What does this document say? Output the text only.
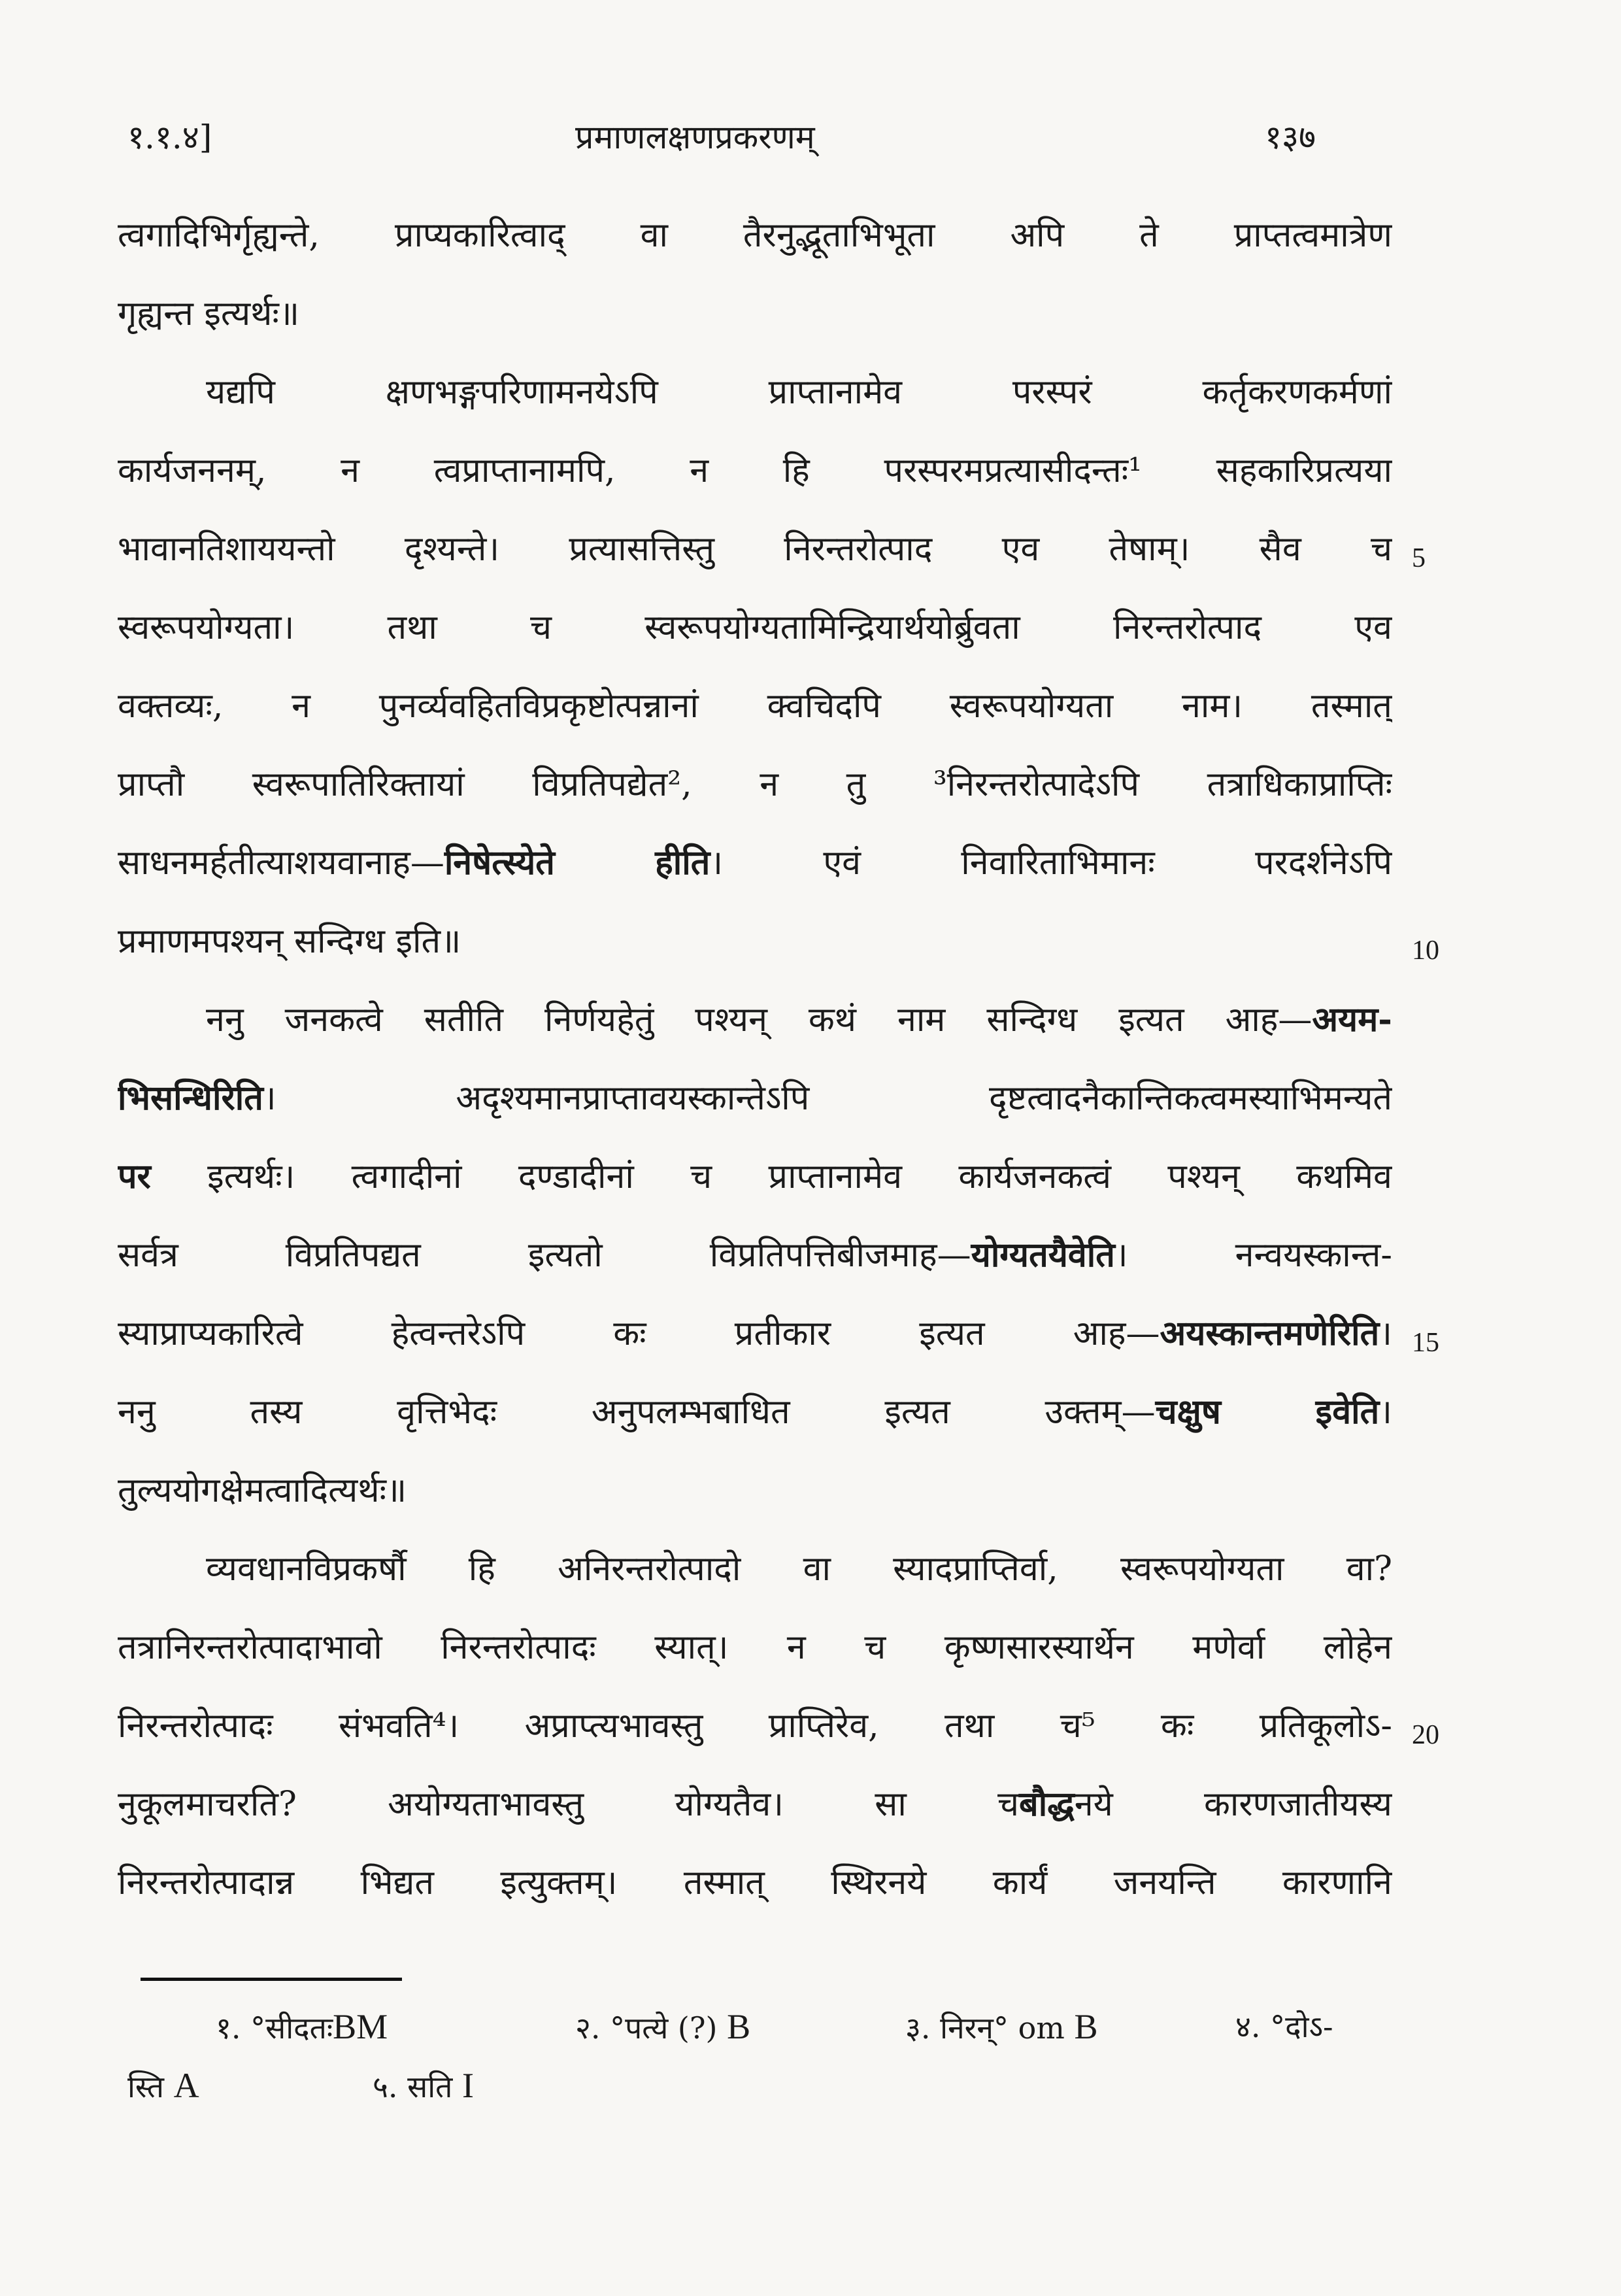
१.१.४]	प्रमाणलक्षणप्रकरणम्	१३७
त्वगादिभिर्गृह्यन्ते, प्राप्यकारित्वाद् वा तैरनुद्भूताभिभूता अपि ते प्राप्तत्वमात्रेण
गृह्यन्त इत्यर्थः॥
यद्यपि	क्षणभङ्गपरिणामनयेऽपि	प्राप्तानामेव	परस्परं	कर्तृकरणकर्मणां
कार्यजननम्, न त्वप्राप्तानामपि, न हि परस्परमप्रत्यासीदन्तः¹ सहकारिप्रत्यया
भावानतिशाययन्तो दृश्यन्ते। प्रत्यासत्तिस्तु निरन्तरोत्पाद एव तेषाम्। सैव च
स्वरूपयोग्यता।	तथा	च	स्वरूपयोग्यतामिन्द्रियार्थयोर्ब्रुवता	निरन्तरोत्पाद	एव
वक्तव्यः, न पुनर्व्यवहितविप्रकृष्टोत्पन्नानां क्वचिदपि स्वरूपयोग्यता नाम। तस्मात्
प्राप्तौ स्वरूपातिरिक्तायां विप्रतिपद्येत², न तु ³निरन्तरोत्पादेऽपि तत्राधिकाप्राप्तिः
साधनमर्हतीत्याशयवानाह—निषेत्स्येते	हीति।	एवं	निवारिताभिमानः	परदर्शनेऽपि
प्रमाणमपश्यन् सन्दिग्ध इति॥
ननु जनकत्वे सतीति निर्णयहेतुं पश्यन् कथं नाम सन्दिग्ध इत्यत आह—अयम-
भिसन्धिरिति।	अदृश्यमानप्राप्तावयस्कान्तेऽपि	दृष्टत्वादनैकान्तिकत्वमस्याभिमन्यते
पर इत्यर्थः। त्वगादीनां दण्डादीनां च प्राप्तानामेव कार्यजनकत्वं पश्यन् कथमिव
सर्वत्र	विप्रतिपद्यत	इत्यतो	विप्रतिपत्तिबीजमाह—योग्यतयैवेति।	नन्वयस्कान्त-
स्याप्राप्यकारित्वे	हेत्वन्तरेऽपि	कः	प्रतीकार	इत्यत	आह—अयस्कान्तमणेरिति।
ननु	तस्य	वृत्तिभेदः	अनुपलम्भबाधित	इत्यत	उक्तम्—चक्षुष	इवेति।
तुल्ययोगक्षेमत्वादित्यर्थः॥
व्यवधानविप्रकर्षौ हि अनिरन्तरोत्पादो वा स्यादप्राप्तिर्वा, स्वरूपयोग्यता वा?
तत्रानिरन्तरोत्पादाभावो निरन्तरोत्पादः स्यात्। न च कृष्णसारस्यार्थेन मणेर्वा लोहेन
निरन्तरोत्पादः संभवति⁴। अप्राप्त्यभावस्तु प्राप्तिरेव, तथा च⁵ कः प्रतिकूलोऽ-
नुकूलमाचरति?	अयोग्यताभावस्तु	योग्यतैव।	सा	चबौद्धनये	कारणजातीयस्य
निरन्तरोत्पादान्न भिद्यत इत्युक्तम्। तस्मात् स्थिरनये कार्यं जनयन्ति कारणानि
5
10
15
20
१. °सीदतःBM	२. °पत्ये (?) B	३. निरन्° om B	४. °दोऽ-
स्ति A	५. सति I
